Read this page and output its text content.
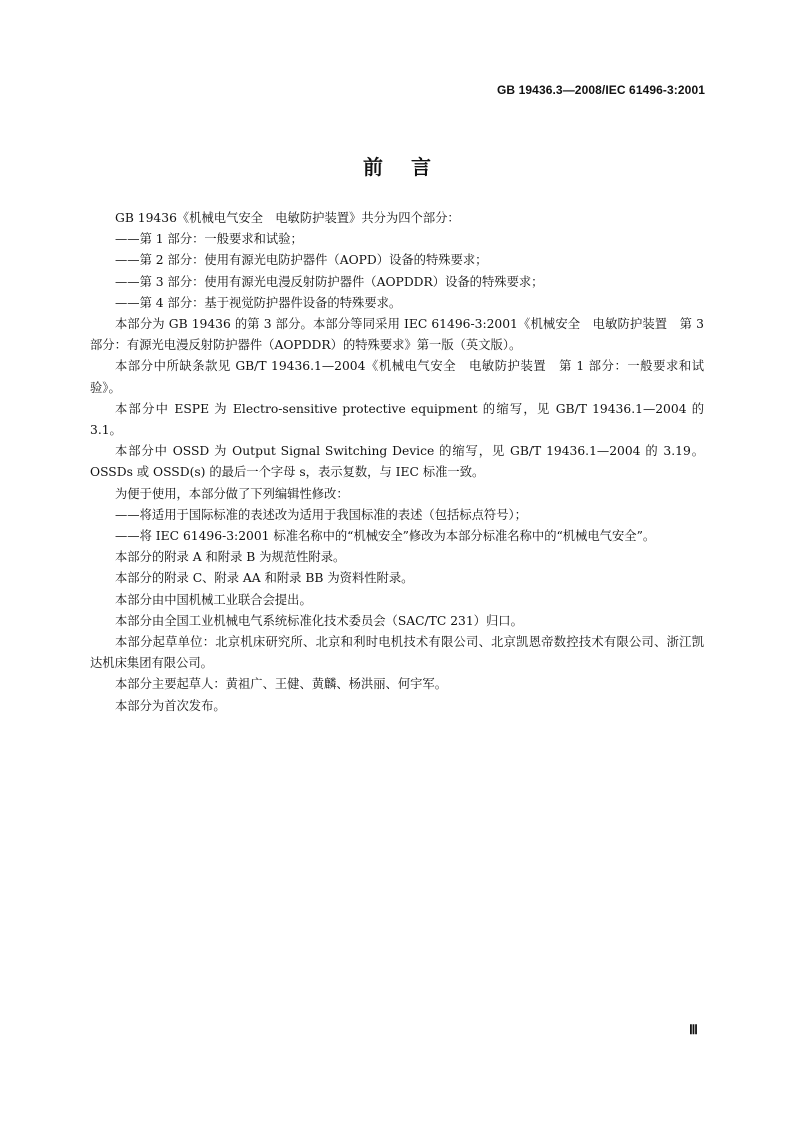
GB 19436.3—2008/IEC 61496-3:2001
前言

GB 19436《机械电气安全　电敏防护装置》共分为四个部分：

——第 1 部分：一般要求和试验；

——第 2 部分：使用有源光电防护器件（AOPD）设备的特殊要求；

——第 3 部分：使用有源光电漫反射防护器件（AOPDDR）设备的特殊要求；

——第 4 部分：基于视觉防护器件设备的特殊要求。

本部分为 GB 19436 的第 3 部分。本部分等同采用 IEC 61496-3:2001《机械安全　电敏防护装置　第 3 部分：有源光电漫反射防护器件（AOPDDR）的特殊要求》第一版（英文版）。

本部分中所缺条款见 GB/T 19436.1—2004《机械电气安全　电敏防护装置　第 1 部分：一般要求和试验》。

本部分中 ESPE 为 Electro-sensitive protective equipment 的缩写，见 GB/T 19436.1—2004 的 3.1。

本部分中 OSSD 为 Output Signal Switching Device 的缩写，见 GB/T 19436.1—2004 的 3.19。OSSDs 或 OSSD(s) 的最后一个字母 s，表示复数，与 IEC 标准一致。

为便于使用，本部分做了下列编辑性修改：

——将适用于国际标准的表述改为适用于我国标准的表述（包括标点符号）；

——将 IEC 61496-3:2001 标准名称中的“机械安全”修改为本部分标准名称中的“机械电气安全”。

本部分的附录 A 和附录 B 为规范性附录。

本部分的附录 C、附录 AA 和附录 BB 为资料性附录。

本部分由中国机械工业联合会提出。

本部分由全国工业机械电气系统标准化技术委员会（SAC/TC 231）归口。

本部分起草单位：北京机床研究所、北京和利时电机技术有限公司、北京凯恩帝数控技术有限公司、浙江凯达机床集团有限公司。

本部分主要起草人：黄祖广、王健、黄麟、杨洪丽、何宇军。

本部分为首次发布。

Ⅲ
